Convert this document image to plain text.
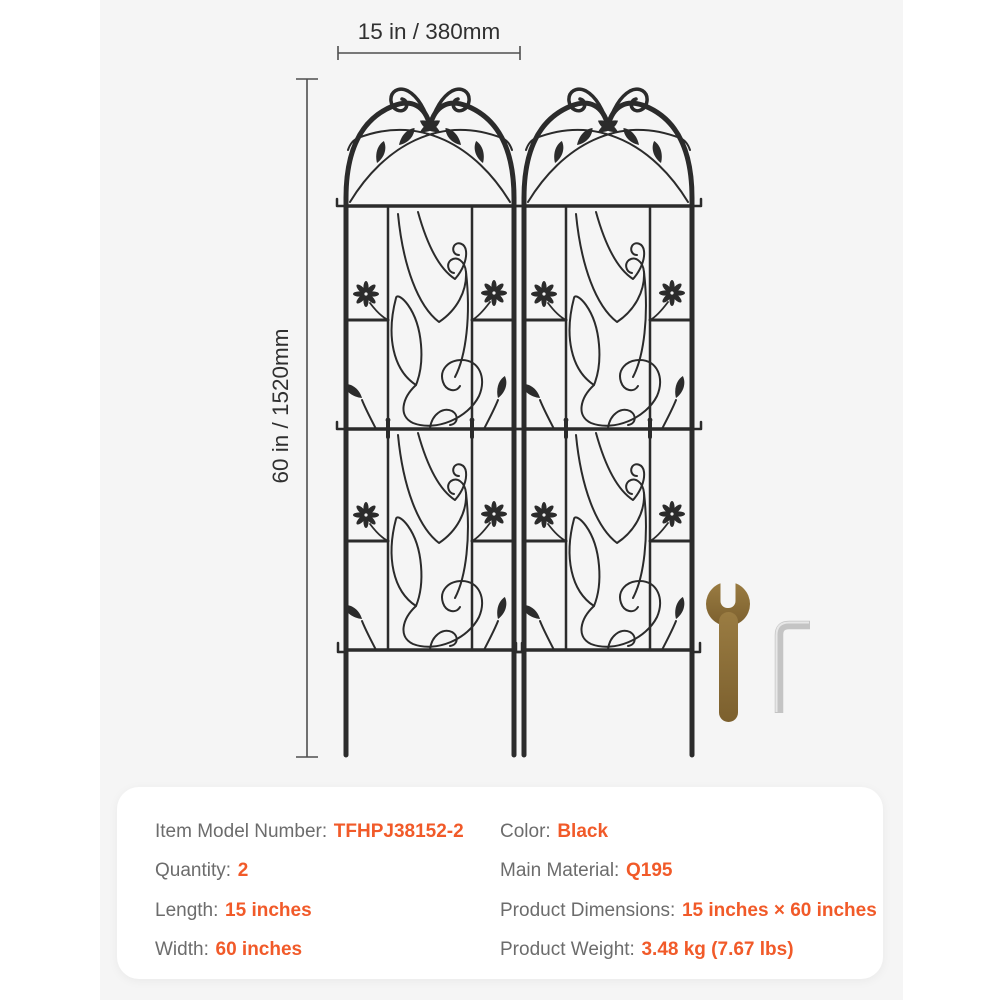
15 in / 380mm
60 in / 1520mm
Item Model Number: TFHPJ38152-2
Quantity: 2
Length: 15 inches
Width: 60 inches
Color: Black
Main Material: Q195
Product Dimensions: 15 inches × 60 inches
Product Weight: 3.48 kg (7.67 lbs)
